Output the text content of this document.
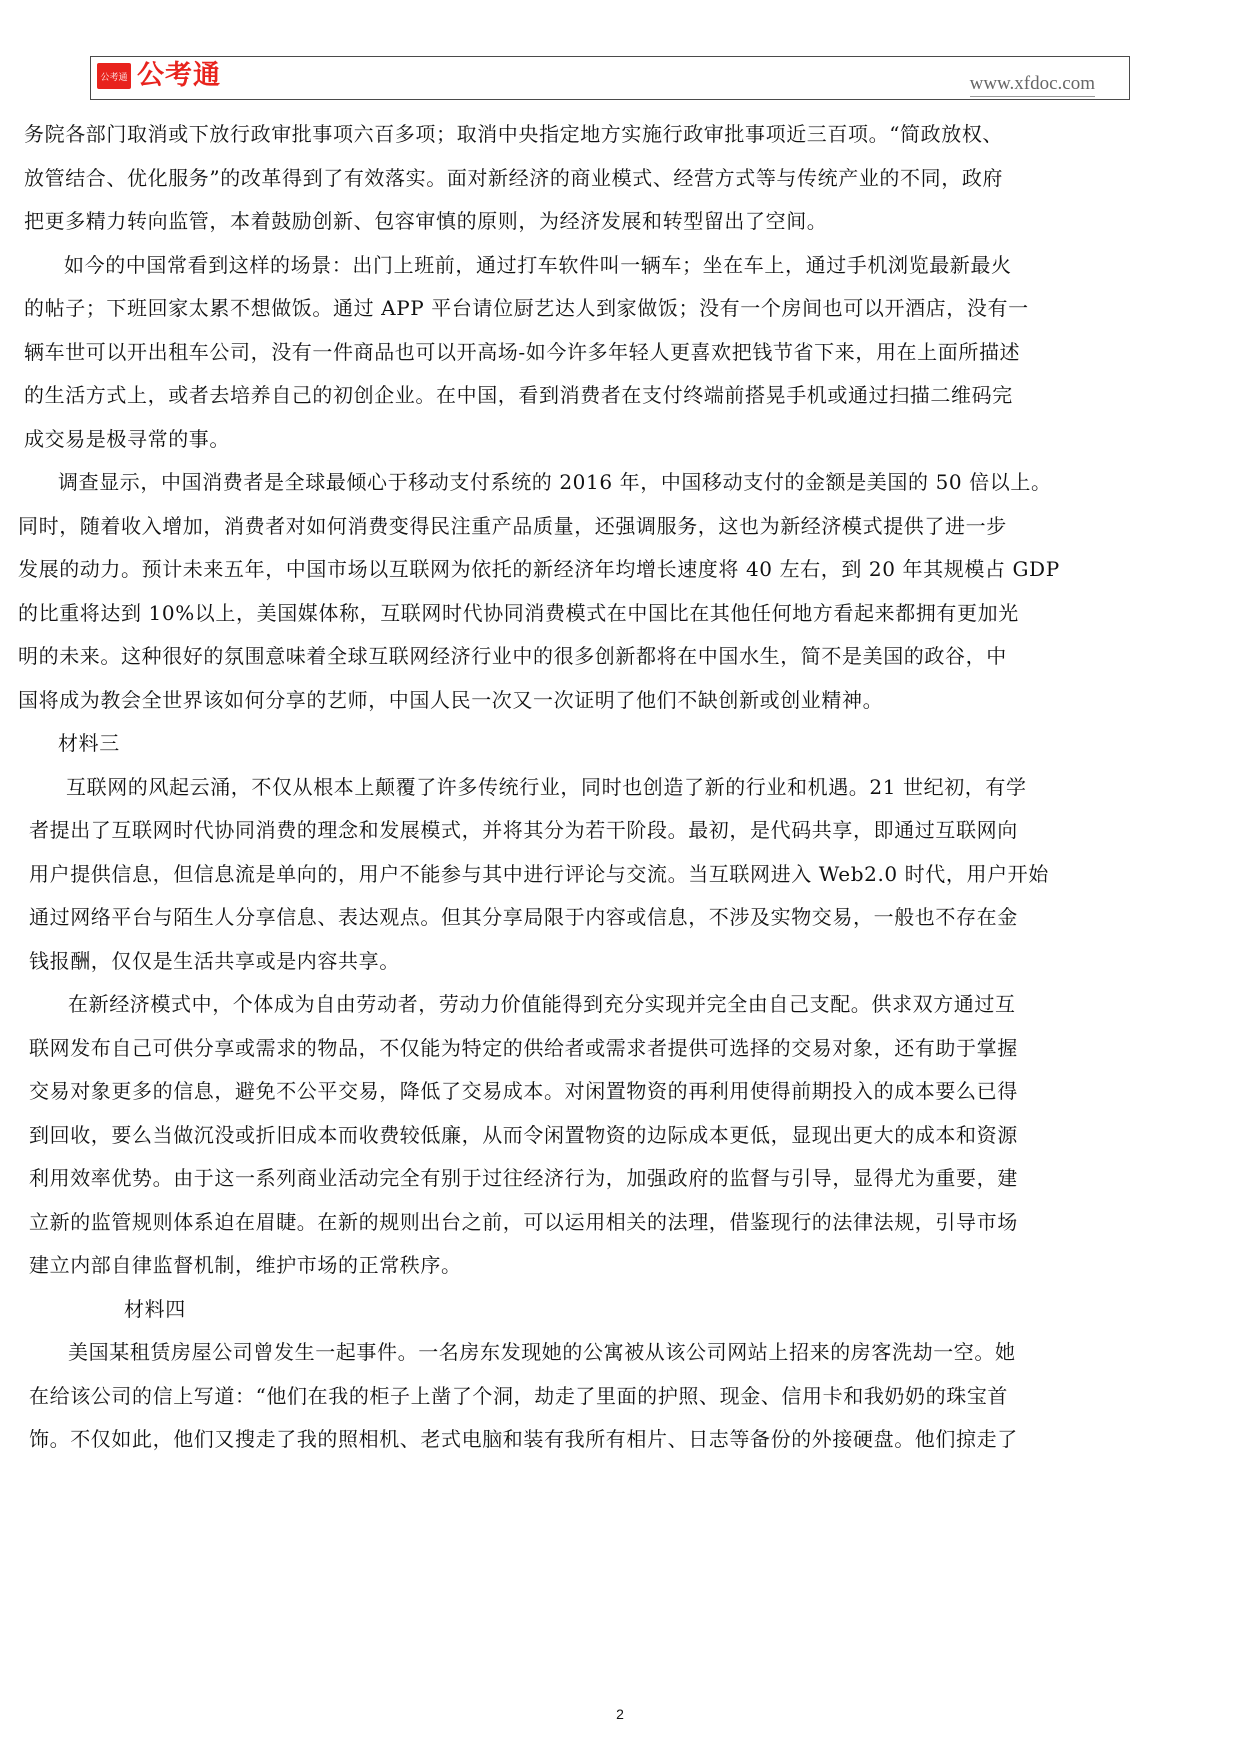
公考通 公考通	www.xfdoc.com
务院各部门取消或下放行政审批事项六百多项；取消中央指定地方实施行政审批事项近三百项。“简政放权、
放管结合、优化服务”的改革得到了有效落实。面对新经济的商业模式、经营方式等与传统产业的不同，政府
把更多精力转向监管，本着鼓励创新、包容审慎的原则，为经济发展和转型留出了空间。
如今的中国常看到这样的场景：出门上班前，通过打车软件叫一辆车；坐在车上，通过手机浏览最新最火
的帖子；下班回家太累不想做饭。通过 APP 平台请位厨艺达人到家做饭；没有一个房间也可以开酒店，没有一
辆车世可以开出租车公司，没有一件商品也可以开高场-如今许多年轻人更喜欢把钱节省下来，用在上面所描述
的生活方式上，或者去培养自己的初创企业。在中国，看到消费者在支付终端前搭晃手机或通过扫描二维码完
成交易是极寻常的事。
调查显示，中国消费者是全球最倾心于移动支付系统的 2016 年，中国移动支付的金额是美国的 50 倍以上。
同时，随着收入增加，消费者对如何消费变得民注重产品质量，还强调服务，这也为新经济模式提供了进一步
发展的动力。预计未来五年，中国市场以互联网为依托的新经济年均增长速度将 40 左右，到 20 年其规模占 GDP
的比重将达到 10%以上，美国媒体称，互联网时代协同消费模式在中国比在其他任何地方看起来都拥有更加光
明的未来。这种很好的氛围意味着全球互联网经济行业中的很多创新都将在中国水生，简不是美国的政谷，中
国将成为教会全世界该如何分享的艺师，中国人民一次又一次证明了他们不缺创新或创业精神。
材料三
互联网的风起云涌，不仅从根本上颠覆了许多传统行业，同时也创造了新的行业和机遇。21 世纪初，有学
者提出了互联网时代协同消费的理念和发展模式，并将其分为若干阶段。最初，是代码共享，即通过互联网向
用户提供信息，但信息流是单向的，用户不能参与其中进行评论与交流。当互联网进入 Web2.0 时代，用户开始
通过网络平台与陌生人分享信息、表达观点。但其分享局限于内容或信息，不涉及实物交易，一般也不存在金
钱报酬，仅仅是生活共享或是内容共享。
在新经济模式中，个体成为自由劳动者，劳动力价值能得到充分实现并完全由自己支配。供求双方通过互
联网发布自己可供分享或需求的物品，不仅能为特定的供给者或需求者提供可选择的交易对象，还有助于掌握
交易对象更多的信息，避免不公平交易，降低了交易成本。对闲置物资的再利用使得前期投入的成本要么已得
到回收，要么当做沉没或折旧成本而收费较低廉，从而令闲置物资的边际成本更低，显现出更大的成本和资源
利用效率优势。由于这一系列商业活动完全有别于过往经济行为，加强政府的监督与引导，显得尤为重要，建
立新的监管规则体系迫在眉睫。在新的规则出台之前，可以运用相关的法理，借鉴现行的法律法规，引导市场
建立内部自律监督机制，维护市场的正常秩序。
材料四
美国某租赁房屋公司曾发生一起事件。一名房东发现她的公寓被从该公司网站上招来的房客洗劫一空。她
在给该公司的信上写道：“他们在我的柜子上凿了个洞，劫走了里面的护照、现金、信用卡和我奶奶的珠宝首
饰。不仅如此，他们又搜走了我的照相机、老式电脑和装有我所有相片、日志等备份的外接硬盘。他们掠走了
2
